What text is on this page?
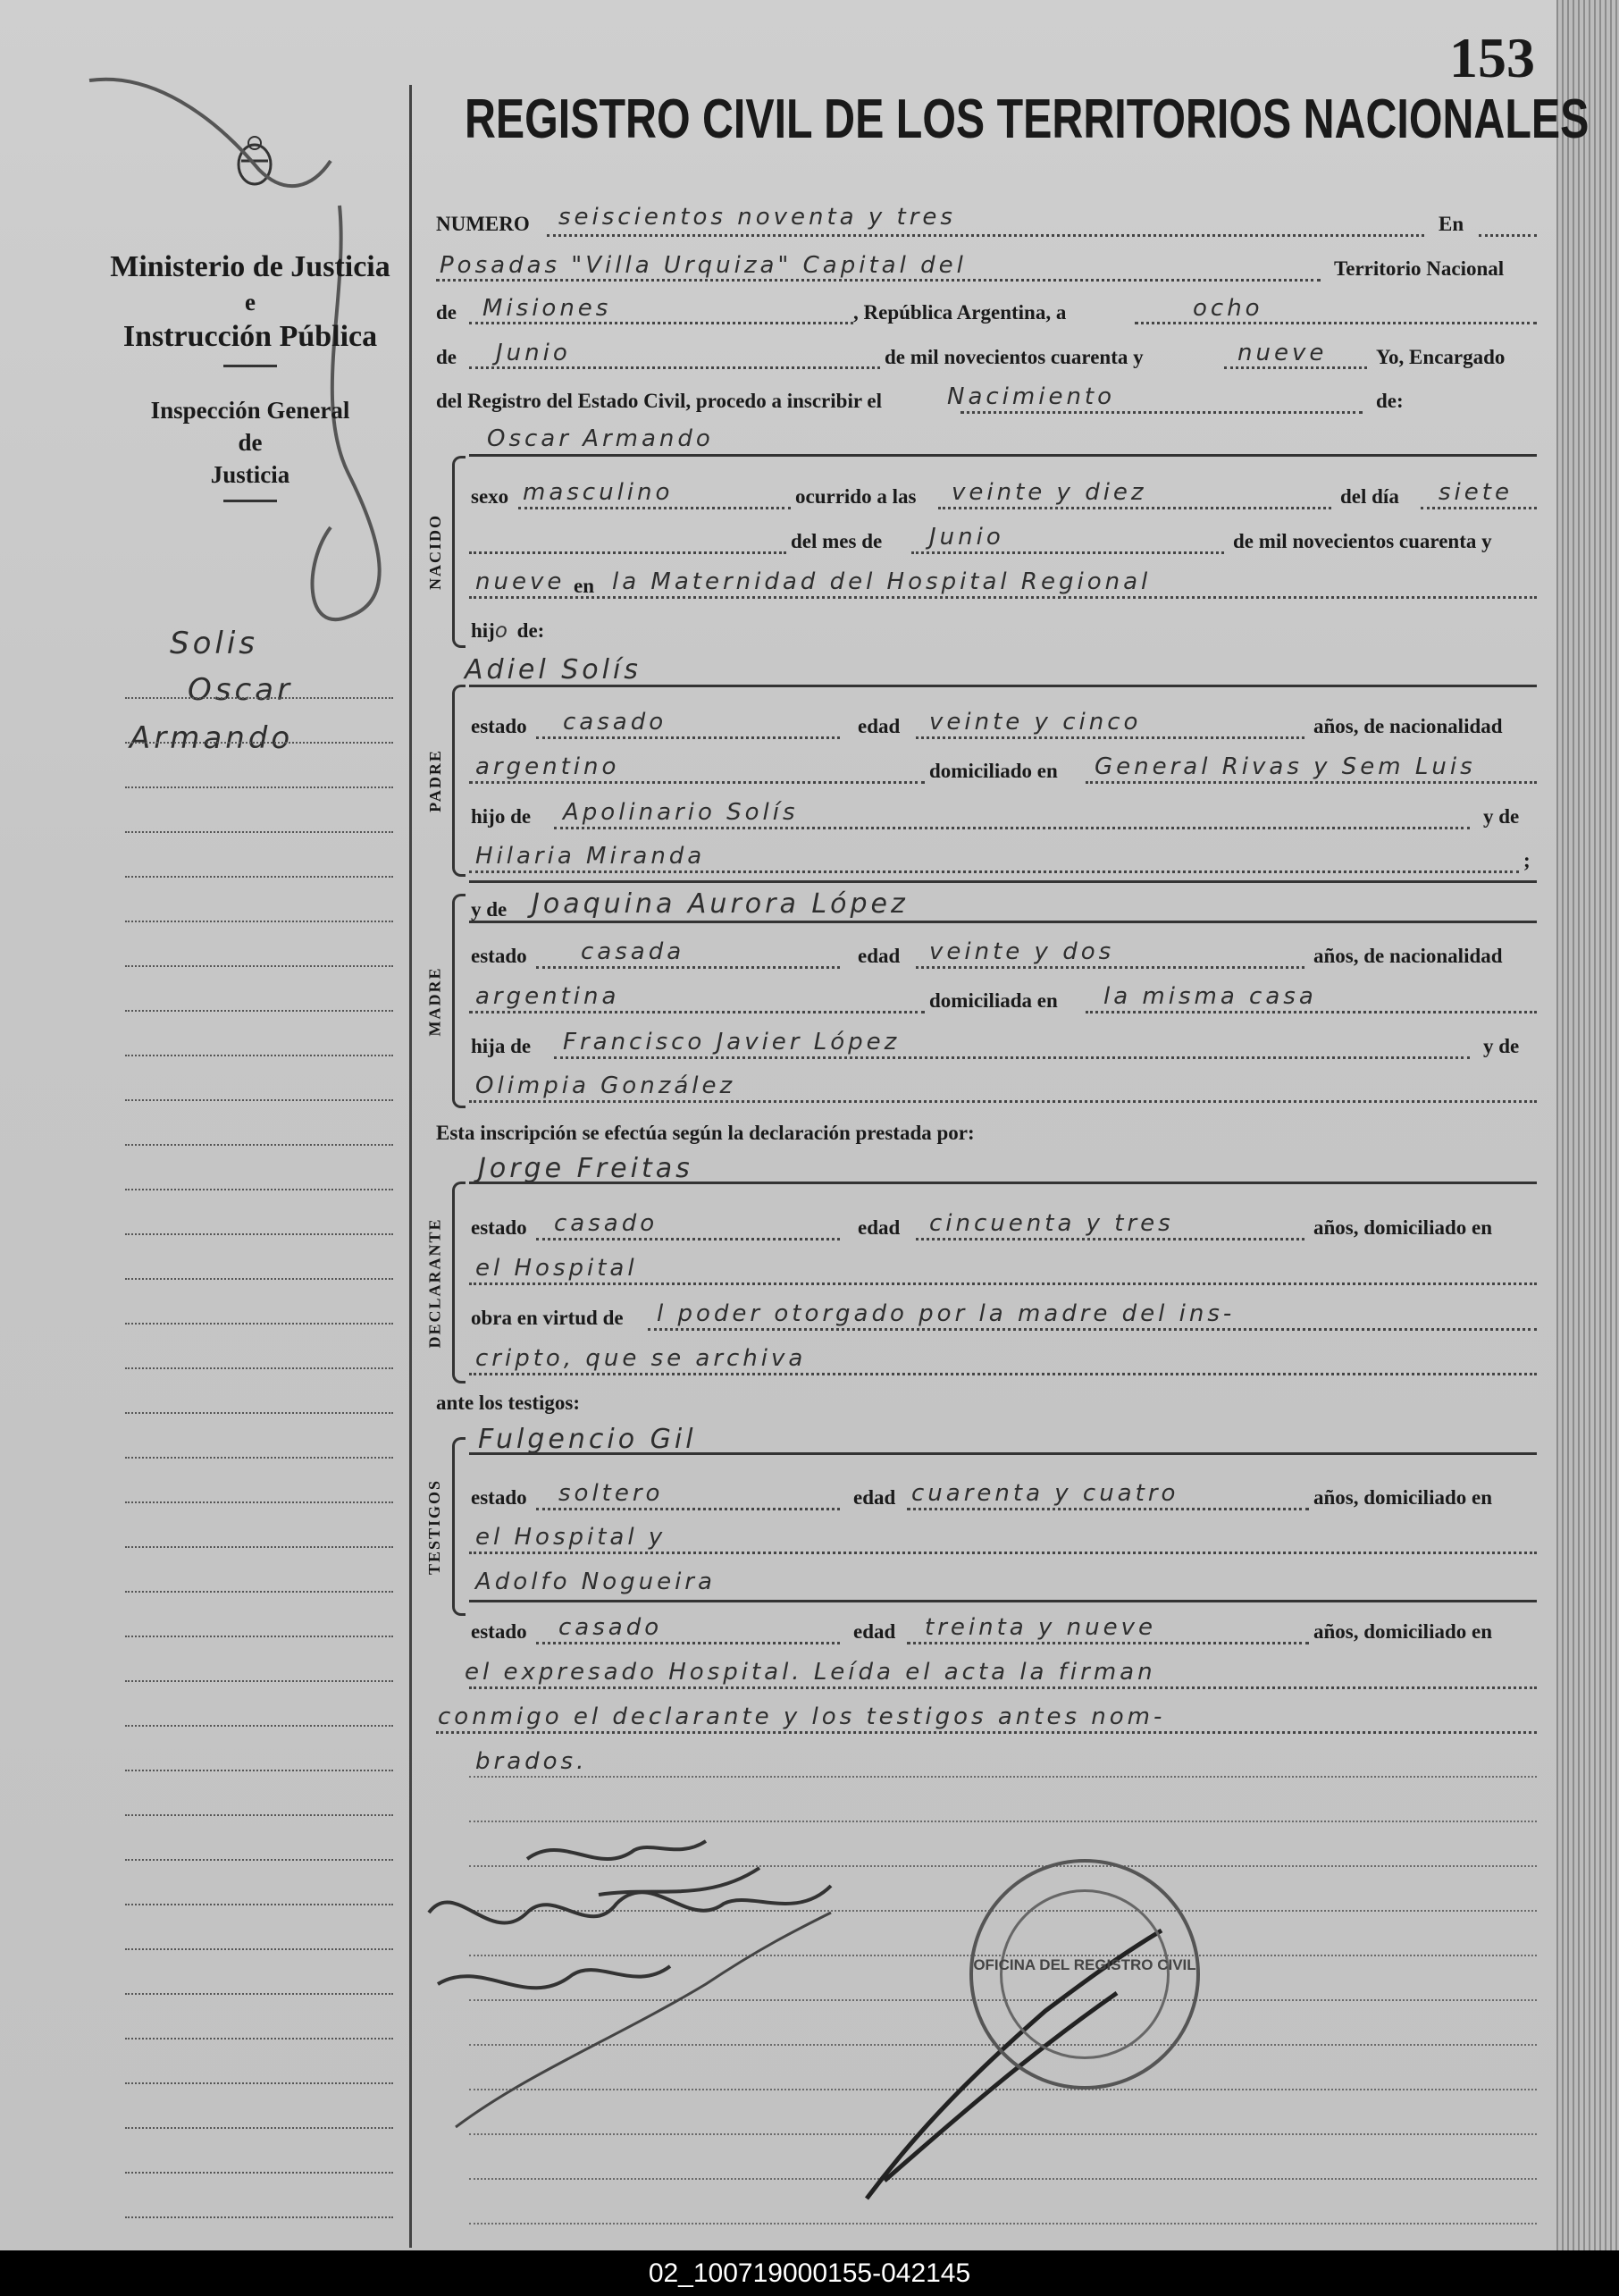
153
REGISTRO CIVIL DE LOS TERRITORIOS NACIONALES
Ministerio de Justicia
e
Instrucción Pública
Inspección General
de
Justicia
Solis
Oscar
Armando
NUMERO seiscientos noventa y tres	En
Posadas "Villa Urquiza" Capital del	Territorio Nacional
de Misiones	, República Argentina, a	ocho
de Junio	de mil novecientos cuarenta y	nueve Yo, Encargado
del Registro del Estado Civil, procedo a inscribir el	Nacimiento	de:
Oscar Armando
NACIDO
sexo masculino	ocurrido a las veinte y diez	del día siete
del mes de Junio	de mil novecientos cuarenta y
nueve en la Maternidad del Hospital Regional
hijo de:
Adiel Solís
PADRE
estado casado	edad veinte y cinco	años, de nacionalidad
argentino	domiciliado en General Rivas y Sem Luis
hijo de Apolinario Solís	y de
Hilaria Miranda	;
y de Joaquina Aurora López
MADRE
estado casada	edad veinte y dos	años, de nacionalidad
argentina	domiciliada en la misma casa
hija de Francisco Javier López	y de
Olimpia González
Esta inscripción se efectúa según la declaración prestada por:
Jorge Freitas
DECLARANTE estado casado	edad cincuenta y tres	años, domiciliado en
el Hospital
obra en virtud de l poder otorgado por la madre del ins-
cripto, que se archiva
ante los testigos:
Fulgencio Gil
TESTIGOS estado soltero	edad cuarenta y cuatro	años, domiciliado en
el Hospital y
Adolfo Nogueira
estado casado	edad treinta y nueve	años, domiciliado en
el expresado Hospital. Leída el acta la firman
conmigo el declarante y los testigos antes nom-
brados.
OFICINA DEL REGISTRO CIVIL
02_100719000155-042145
